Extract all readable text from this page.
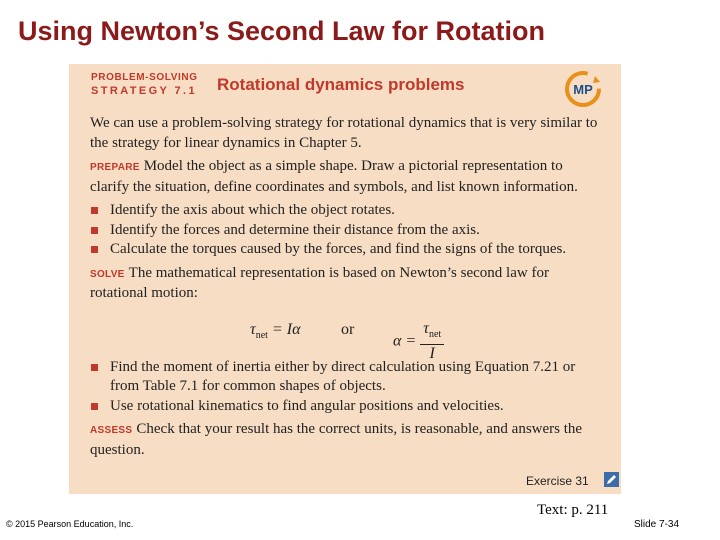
Using Newton’s Second Law for Rotation
PROBLEM-SOLVING
STRATEGY 7.1 Rotational dynamics problems	MP

We can use a problem-solving strategy for rotational dynamics that is very similar to the strategy for linear dynamics in Chapter 5.

PREPARE Model the object as a simple shape. Draw a pictorial representation to clarify the situation, define coordinates and symbols, and list known information.

Identify the axis about which the object rotates.
Identify the forces and determine their distance from the axis.
Calculate the torques caused by the forces, and find the signs of the torques.

SOLVE The mathematical representation is based on Newton’s second law for rotational motion:

$\tau_{net} = I\alpha$	or
$\alpha = \frac{\tau_{net}}{I}$
Find the moment of inertia either by direct calculation using Equation 7.21 or from Table 7.1 for common shapes of objects.
Use rotational kinematics to find angular positions and velocities.

ASSESS Check that your result has the correct units, is reasonable, and answers the question.

Exercise 31
Text: p. 211
© 2015 Pearson Education, Inc.	Slide 7-34
